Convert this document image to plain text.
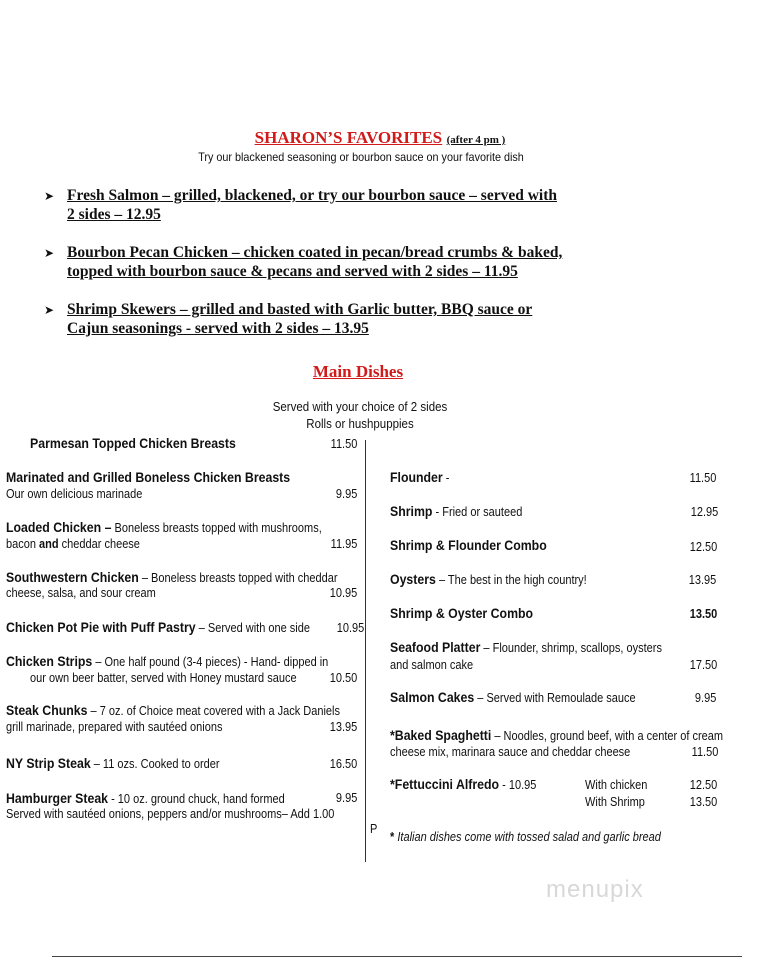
SHARON’S FAVORITES (after 4 pm )
Try our blackened seasoning or bourbon sauce on your favorite dish
➤ Fresh Salmon – grilled, blackened, or try our bourbon sauce – served with
2 sides – 12.95
➤ Bourbon Pecan Chicken – chicken coated in pecan/bread crumbs & baked,
topped with bourbon sauce & pecans and served with 2 sides – 11.95
➤ Shrimp Skewers – grilled and basted with Garlic butter, BBQ sauce or
Cajun seasonings - served with 2 sides – 13.95
Main Dishes
Served with your choice of 2 sides
Rolls or hushpuppies
Parmesan Topped Chicken Breasts	11.50
Marinated and Grilled Boneless Chicken Breasts
Our own delicious marinade	9.95
Loaded Chicken – Boneless breasts topped with mushrooms,
bacon and cheddar cheese	11.95
Southwestern Chicken – Boneless breasts topped with cheddar
cheese, salsa, and sour cream	10.95
Chicken Pot Pie with Puff Pastry – Served with one side 10.95
Chicken Strips – One half pound (3-4 pieces) - Hand- dipped in
our own beer batter, served with Honey mustard sauce	10.50
Steak Chunks – 7 oz. of Choice meat covered with a Jack Daniels
grill marinade, prepared with sautéed onions	13.95
NY Strip Steak – 11 ozs. Cooked to order	16.50
Hamburger Steak - 10 oz. ground chuck, hand formed	9.95
Served with sautéed onions, peppers and/or mushrooms– Add 1.00
P
Flounder -	11.50
Shrimp - Fried or sauteed	12.95
Shrimp & Flounder Combo	12.50
Oysters – The best in the high country!	13.95
Shrimp & Oyster Combo	13.50
Seafood Platter – Flounder, shrimp, scallops, oysters
and salmon cake	17.50
Salmon Cakes – Served with Remoulade sauce	9.95
*Baked Spaghetti – Noodles, ground beef, with a center of cream
cheese mix, marinara sauce and cheddar cheese	11.50
*Fettuccini Alfredo - 10.95	With chicken	12.50
With Shrimp	13.50
* Italian dishes come with tossed salad and garlic bread
menupix
